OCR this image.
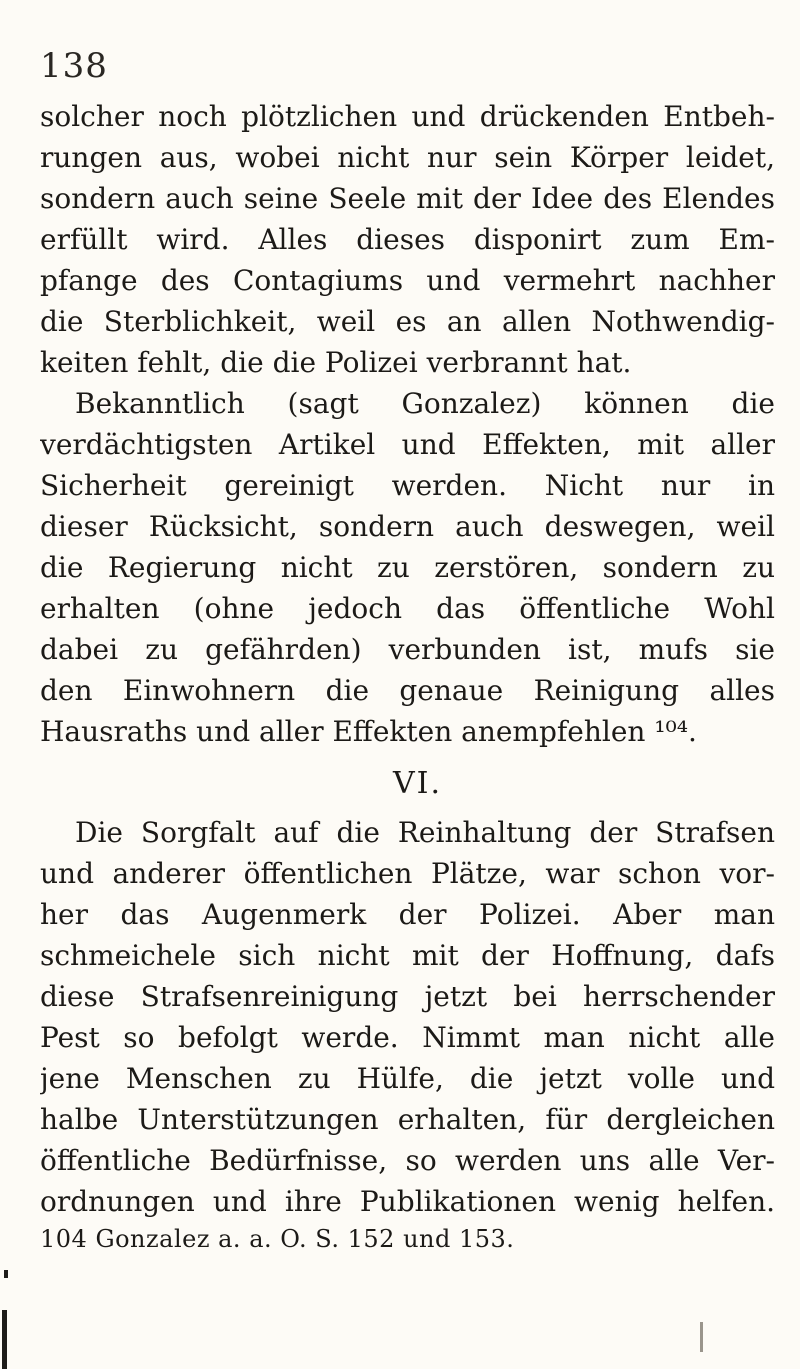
138
solcher noch plötzlichen und drückenden Entbeh-
rungen aus, wobei nicht nur sein Körper leidet,
sondern auch seine Seele mit der Idee des Elendes
erfüllt wird. Alles dieses disponirt zum Em-
pfange des Contagiums und vermehrt nachher
die Sterblichkeit, weil es an allen Nothwendig-
keiten fehlt, die die Polizei verbrannt hat.
Bekanntlich (sagt Gonzalez) können die
verdächtigsten Artikel und Effekten, mit aller
Sicherheit gereinigt werden. Nicht nur in
dieser Rücksicht, sondern auch deswegen, weil
die Regierung nicht zu zerstören, sondern zu
erhalten (ohne jedoch das öffentliche Wohl
dabei zu gefährden) verbunden ist, mufs sie
den Einwohnern die genaue Reinigung alles
Hausraths und aller Effekten anempfehlen ¹⁰⁴.
VI.
Die Sorgfalt auf die Reinhaltung der Strafsen
und anderer öffentlichen Plätze, war schon vor-
her das Augenmerk der Polizei. Aber man
schmeichele sich nicht mit der Hoffnung, dafs
diese Strafsenreinigung jetzt bei herrschender
Pest so befolgt werde. Nimmt man nicht alle
jene Menschen zu Hülfe, die jetzt volle und
halbe Unterstützungen erhalten, für dergleichen
öffentliche Bedürfnisse, so werden uns alle Ver-
ordnungen und ihre Publikationen wenig helfen.
104 Gonzalez a. a. O. S. 152 und 153.
